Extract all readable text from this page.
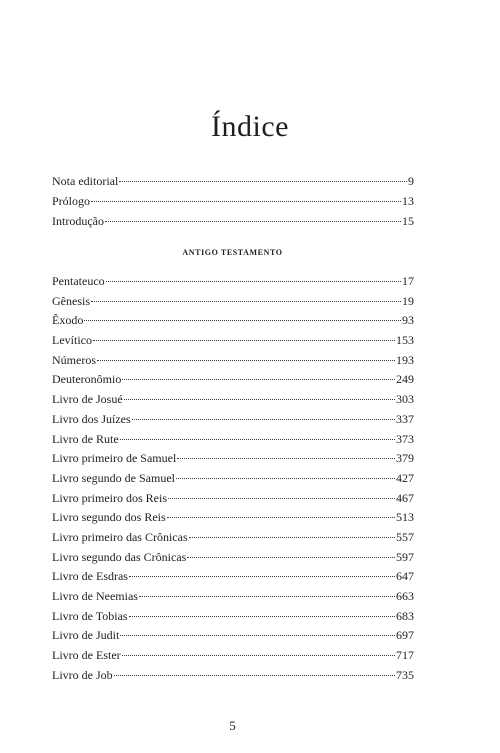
Índice
Nota editorial	9
Prólogo	13
Introdução	15
ANTIGO TESTAMENTO
Pentateuco	17
Gênesis	19
Êxodo	93
Levítico	153
Números	193
Deuteronômio	249
Livro de Josué	303
Livro dos Juízes	337
Livro de Rute	373
Livro primeiro de Samuel	379
Livro segundo de Samuel	427
Livro primeiro dos Reis	467
Livro segundo dos Reis	513
Livro primeiro das Crônicas	557
Livro segundo das Crônicas	597
Livro de Esdras	647
Livro de Neemias	663
Livro de Tobias	683
Livro de Judit	697
Livro de Ester	717
Livro de Job	735
5
